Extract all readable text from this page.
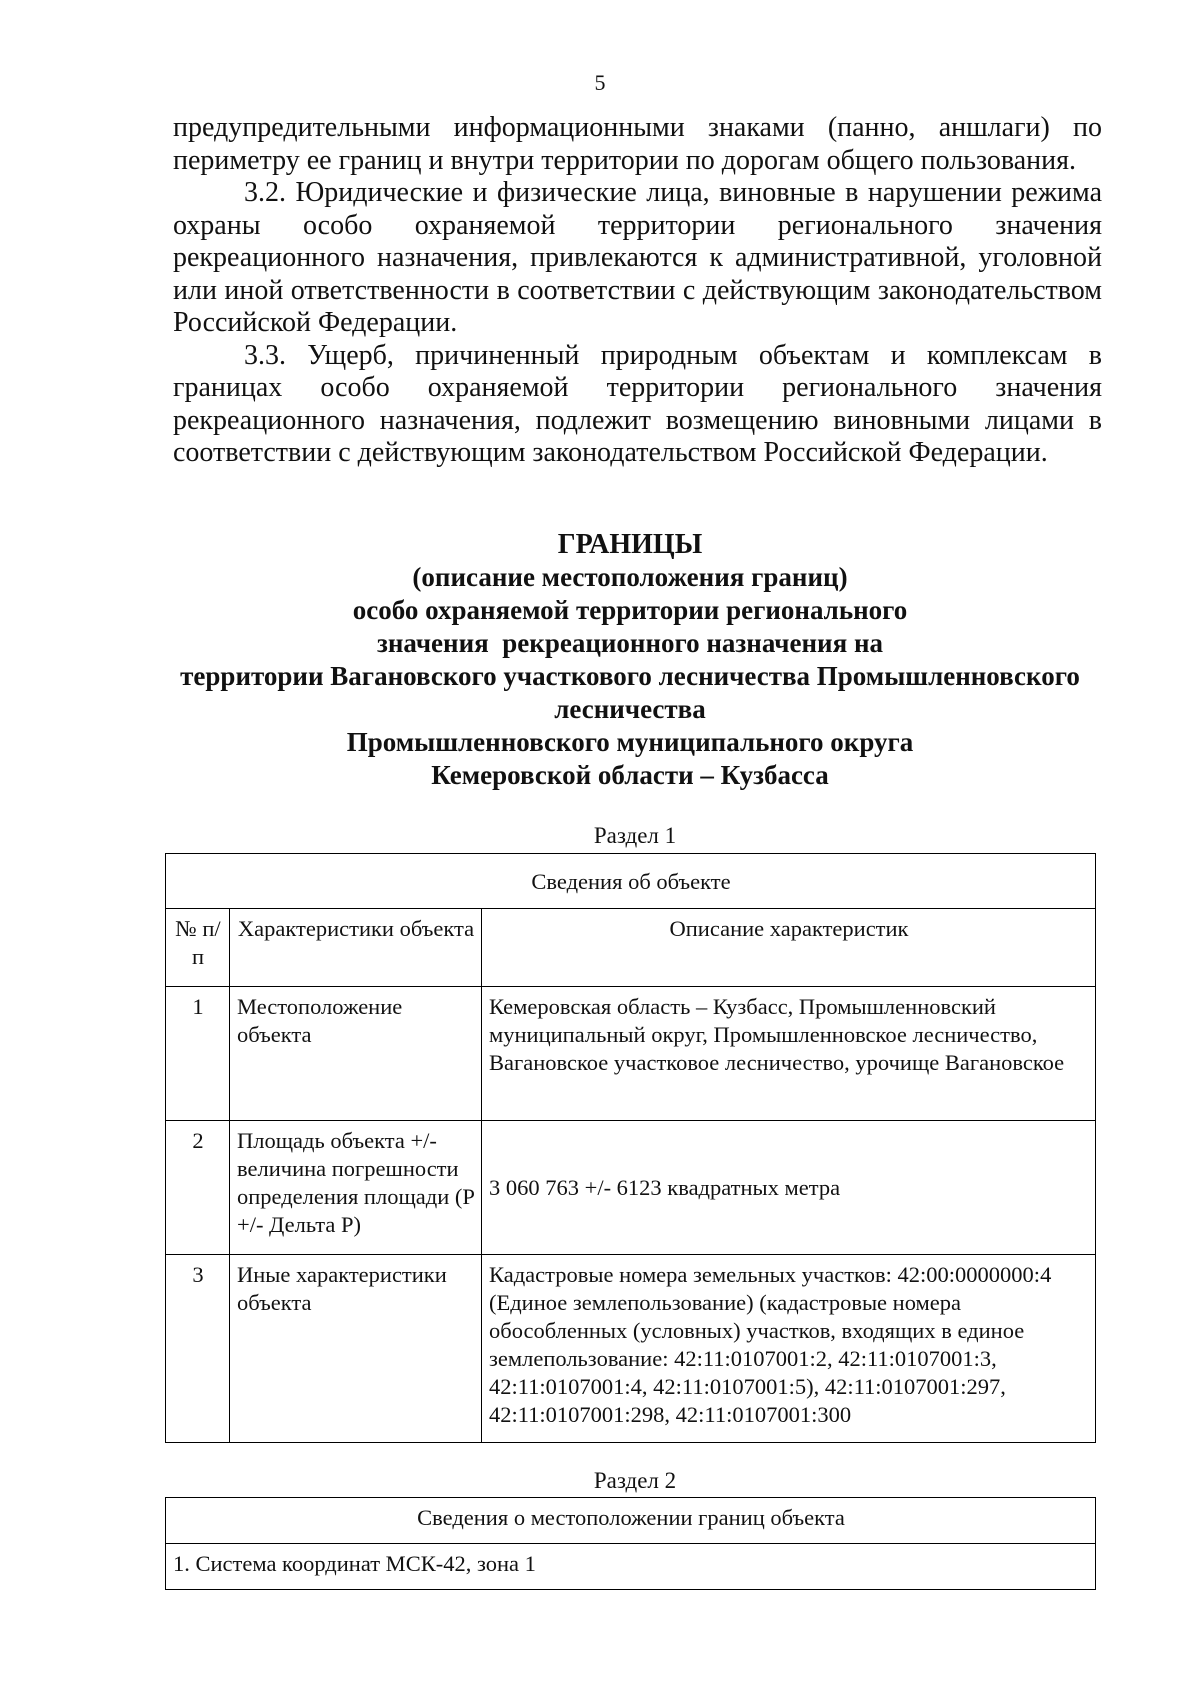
5

предупредительными информационными знаками (панно, аншлаги) по периметру ее границ и внутри территории по дорогам общего пользования.

3.2. Юридические и физические лица, виновные в нарушении режима охраны особо охраняемой территории регионального значения рекреационного назначения, привлекаются к административной, уголовной или иной ответственности в соответствии с действующим законодательством Российской Федерации.

3.3. Ущерб, причиненный природным объектам и комплексам в границах особо охраняемой территории регионального значения рекреационного назначения, подлежит возмещению виновными лицами в соответствии с действующим законодательством Российской Федерации.

ГРАНИЦЫ
(описание местоположения границ)
особо охраняемой территории регионального
значения  рекреационного назначения на
территории Вагановского участкового лесничества Промышленновского
лесничества
Промышленновского муниципального округа
Кемеровской области – Кузбасса
Раздел 1
Сведения об объекте		
№ п/п	Характеристики объекта	Описание характеристик
1	Местоположение объекта	Кемеровская область – Кузбасс, Промышленновский муниципальный округ, Промышленновское лесничество, Вагановское участковое лесничество, урочище Вагановское
2	Площадь объекта +/- величина погрешности определения площади (Р +/- Дельта Р)	3 060 763 +/- 6123 квадратных метра
3	Иные характеристики объекта	Кадастровые номера земельных участков: 42:00:0000000:4 (Единое землепользование) (кадастровые номера обособленных (условных) участков, входящих в единое землепользование: 42:11:0107001:2, 42:11:0107001:3, 42:11:0107001:4, 42:11:0107001:5), 42:11:0107001:297, 42:11:0107001:298, 42:11:0107001:300
Раздел 2
Сведения о местоположении границ объекта
1. Система координат МСК-42, зона 1
